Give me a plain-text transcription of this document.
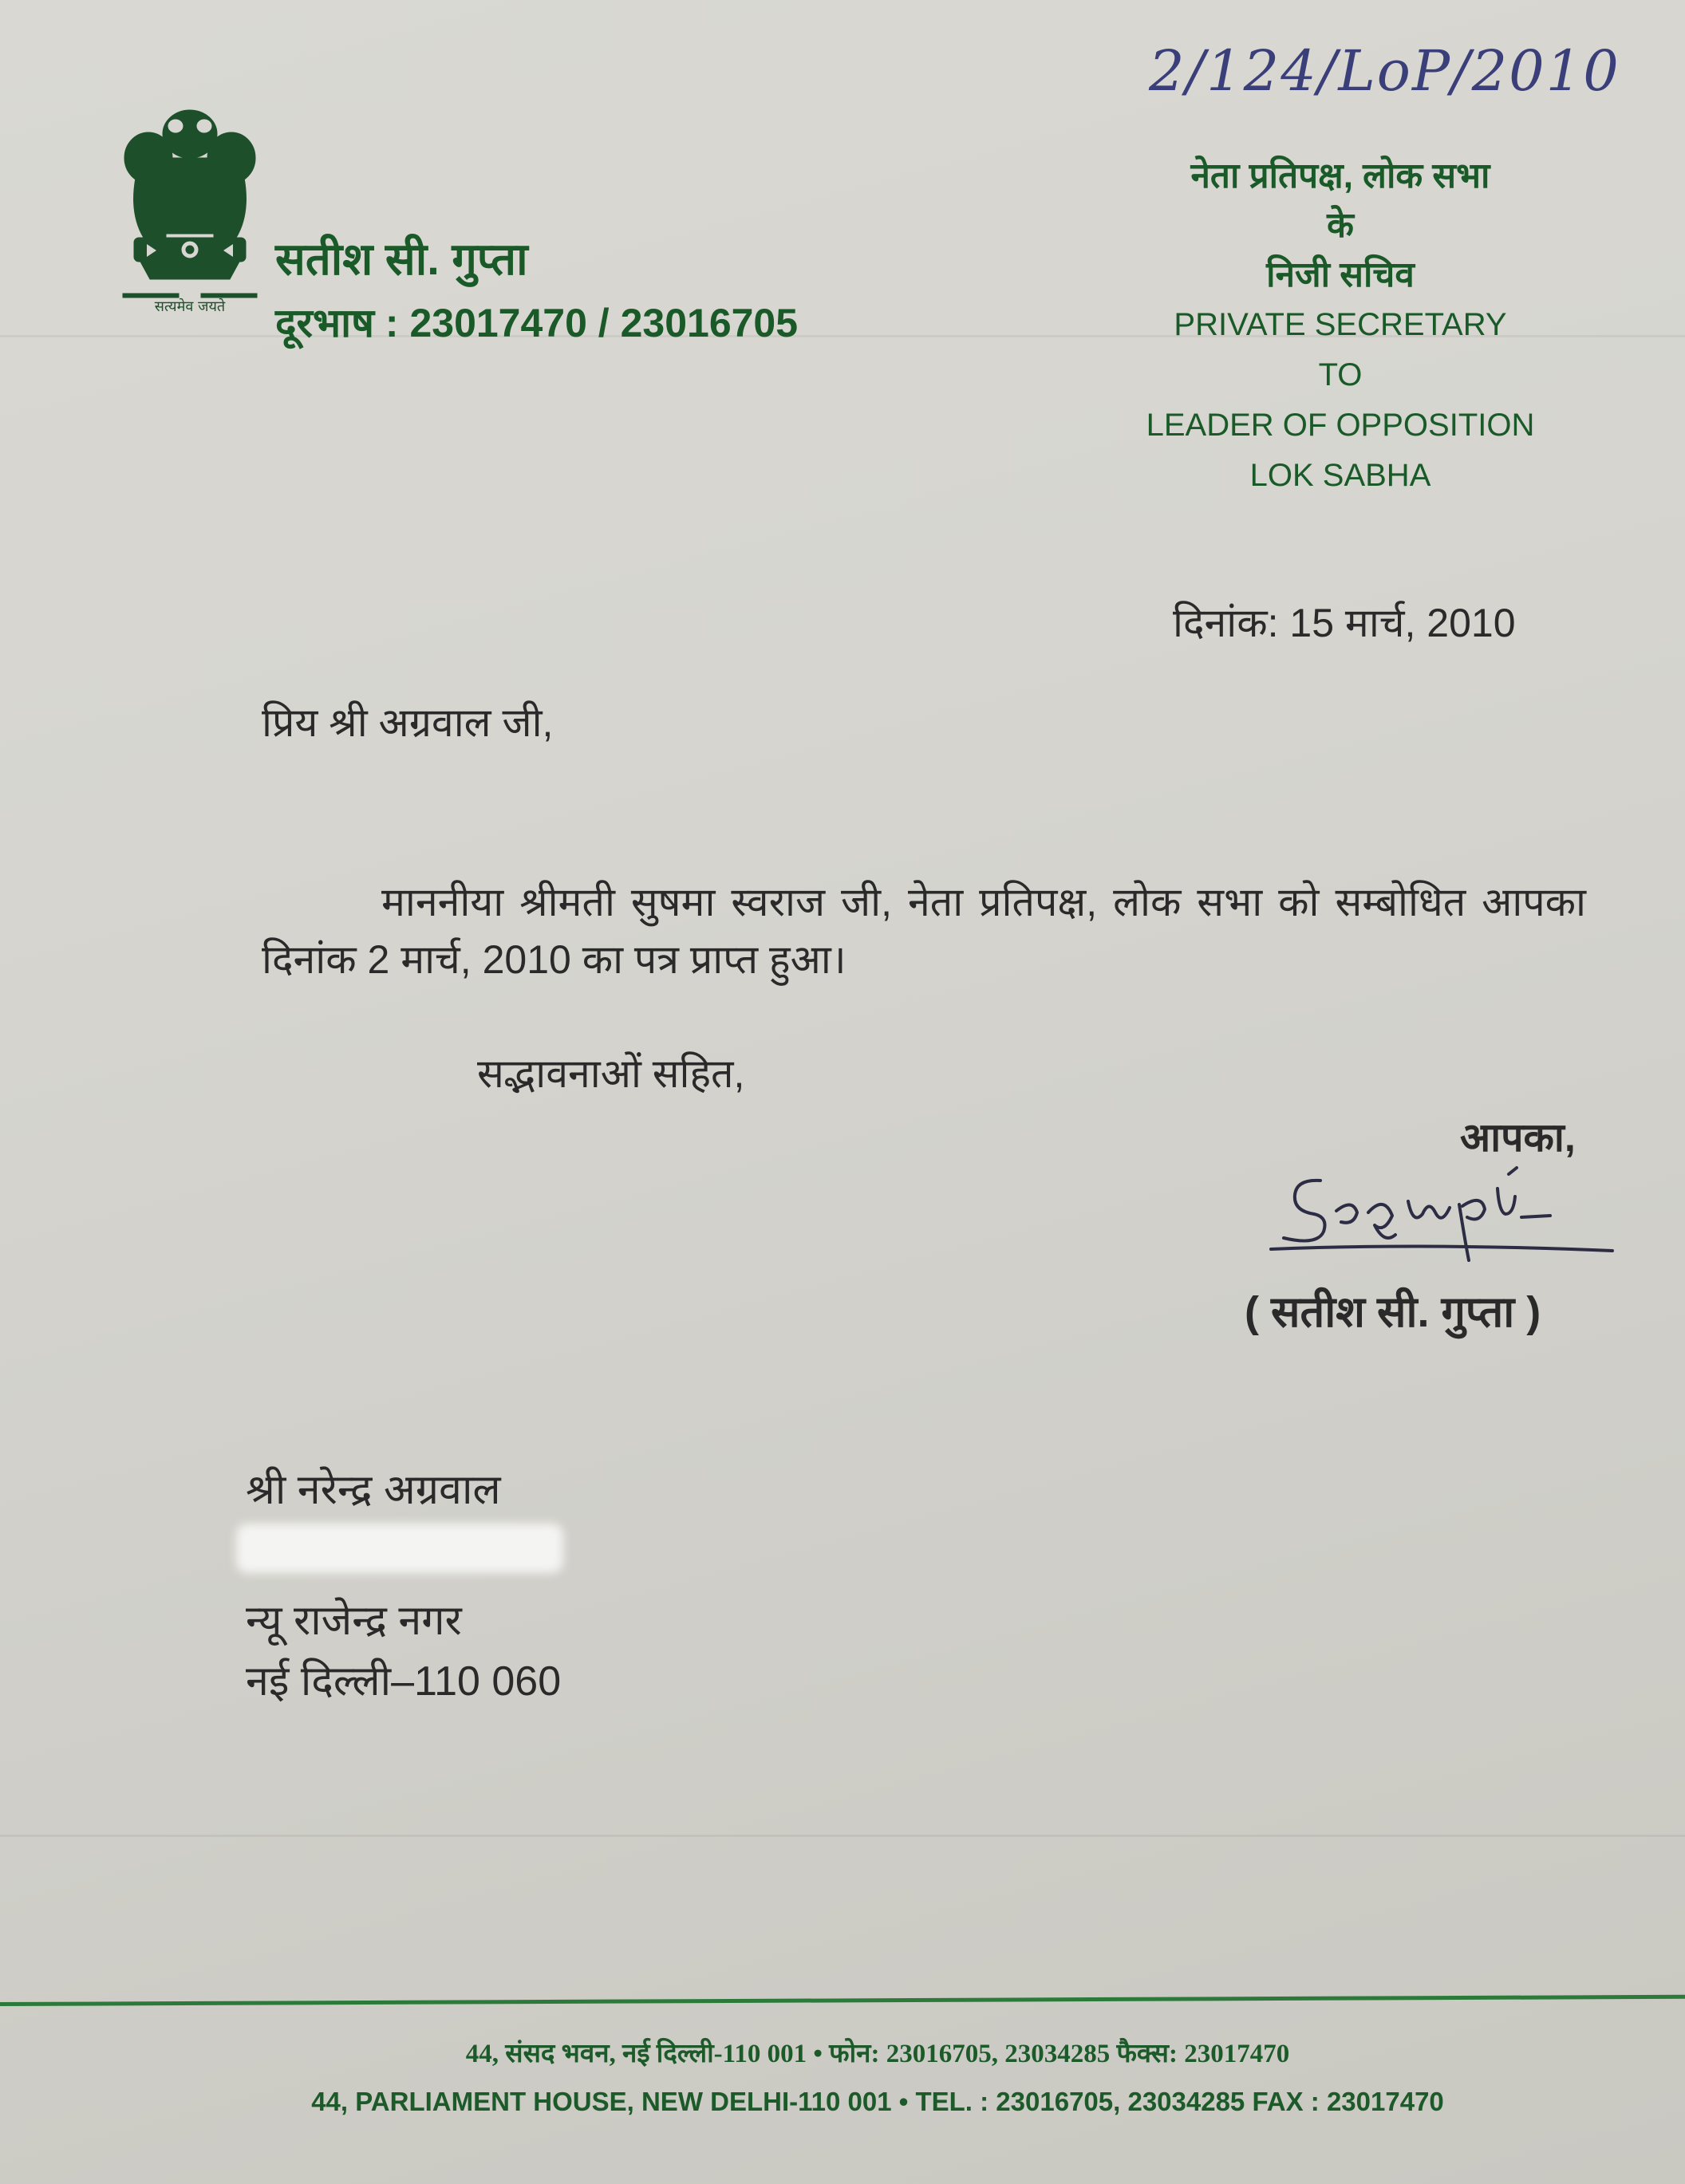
2/124/LoP/2010
सत्यमेव जयते
सतीश सी. गुप्ता
दूरभाष : 23017470 / 23016705
नेता प्रतिपक्ष, लोक सभा
के
निजी सचिव
PRIVATE SECRETARY
TO
LEADER OF OPPOSITION
LOK SABHA
दिनांक: 15 मार्च, 2010
प्रिय श्री अग्रवाल जी,
माननीया श्रीमती सुषमा स्वराज जी, नेता प्रतिपक्ष, लोक सभा को सम्बोधित आपका दिनांक 2 मार्च, 2010 का पत्र प्राप्त हुआ।
सद्भावनाओं सहित,
आपका,
( सतीश सी. गुप्ता )
श्री नरेन्द्र अग्रवाल
न्यू राजेन्द्र नगर
नई दिल्ली–110 060
44, संसद भवन, नई दिल्ली-110 001 • फोन: 23016705, 23034285 फैक्स: 23017470
44, PARLIAMENT HOUSE, NEW DELHI-110 001 • TEL. : 23016705, 23034285 FAX : 23017470
